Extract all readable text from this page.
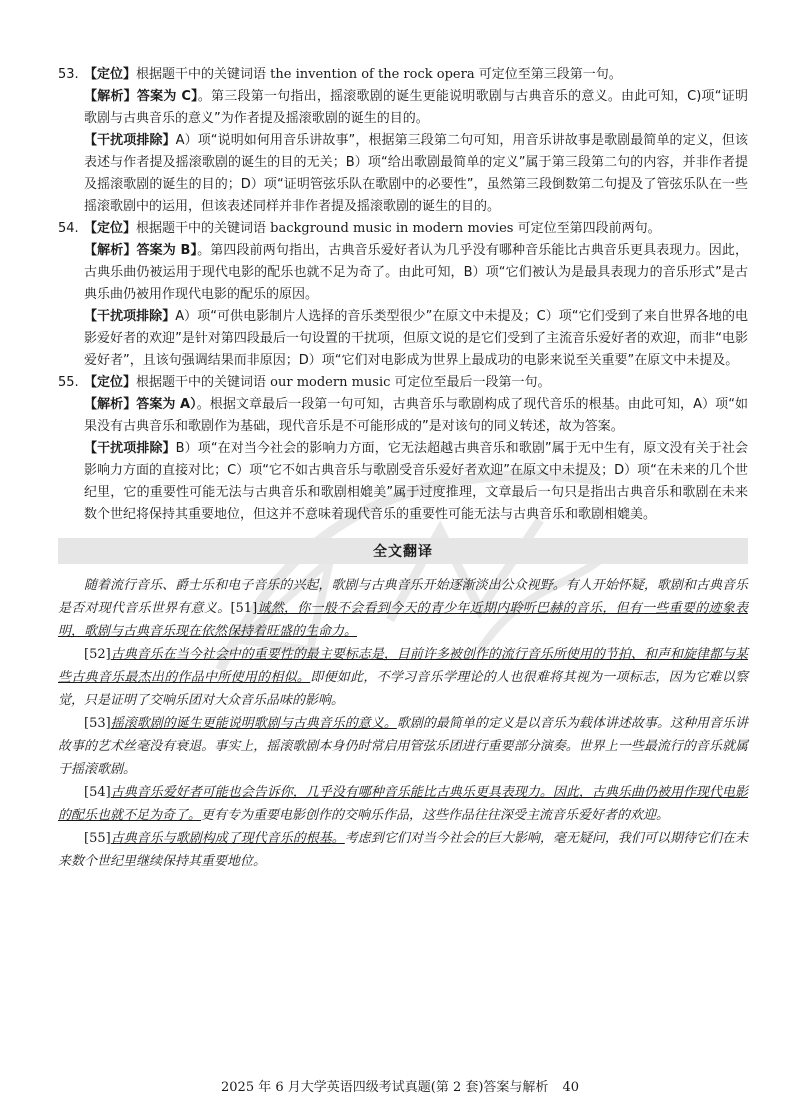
53. 【定位】根据题干中的关键词语 the invention of the rock opera 可定位至第三段第一句。

【解析】答案为 C】。第三段第一句指出，摇滚歌剧的诞生更能说明歌剧与古典音乐的意义。由此可知，C)项“证明歌剧与古典音乐的意义”为作者提及摇滚歌剧的诞生的目的。

【干扰项排除】A）项“说明如何用音乐讲故事”，根据第三段第二句可知，用音乐讲故事是歌剧最简单的定义，但该表述与作者提及摇滚歌剧的诞生的目的无关；B）项“给出歌剧最简单的定义”属于第三段第二句的内容，并非作者提及摇滚歌剧的诞生的目的；D）项“证明管弦乐队在歌剧中的必要性”，虽然第三段倒数第二句提及了管弦乐队在一些摇滚歌剧中的运用，但该表述同样并非作者提及摇滚歌剧的诞生的目的。

54. 【定位】根据题干中的关键词语 background music in modern movies 可定位至第四段前两句。

【解析】答案为 B】。第四段前两句指出，古典音乐爱好者认为几乎没有哪种音乐能比古典音乐更具表现力。因此，古典乐曲仍被运用于现代电影的配乐也就不足为奇了。由此可知，B）项“它们被认为是最具表现力的音乐形式”是古典乐曲仍被用作现代电影的配乐的原因。

【干扰项排除】A）项“可供电影制片人选择的音乐类型很少”在原文中未提及；C）项“它们受到了来自世界各地的电影爱好者的欢迎”是针对第四段最后一句设置的干扰项，但原文说的是它们受到了主流音乐爱好者的欢迎，而非“电影爱好者”，且该句强调结果而非原因；D）项“它们对电影成为世界上最成功的电影来说至关重要”在原文中未提及。

55. 【定位】根据题干中的关键词语 our modern music 可定位至最后一段第一句。

【解析】答案为 A）。根据文章最后一段第一句可知，古典音乐与歌剧构成了现代音乐的根基。由此可知，A）项“如果没有古典音乐和歌剧作为基础，现代音乐是不可能形成的”是对该句的同义转述，故为答案。

【干扰项排除】B）项“在对当今社会的影响力方面，它无法超越古典音乐和歌剧”属于无中生有，原文没有关于社会影响力方面的直接对比；C）项“它不如古典音乐与歌剧受音乐爱好者欢迎”在原文中未提及；D）项“在未来的几个世纪里，它的重要性可能无法与古典音乐和歌剧相媲美”属于过度推理，文章最后一句只是指出古典音乐和歌剧在未来数个世纪将保持其重要地位，但这并不意味着现代音乐的重要性可能无法与古典音乐和歌剧相媲美。

全文翻译

随着流行音乐、爵士乐和电子音乐的兴起，歌剧与古典音乐开始逐渐淡出公众视野。有人开始怀疑，歌剧和古典音乐是否对现代音乐世界有意义。[51]诚然，你一般不会看到今天的青少年近期内聆听巴赫的音乐，但有一些重要的迹象表明，歌剧与古典音乐现在依然保持着旺盛的生命力。

[52]古典音乐在当今社会中的重要性的最主要标志是，目前许多被创作的流行音乐所使用的节拍、和声和旋律都与某些古典音乐最杰出的作品中所使用的相似。即便如此，不学习音乐学理论的人也很难将其视为一项标志，因为它难以察觉，只是证明了交响乐团对大众音乐品味的影响。

[53]摇滚歌剧的诞生更能说明歌剧与古典音乐的意义。歌剧的最简单的定义是以音乐为载体讲述故事。这种用音乐讲故事的艺术丝毫没有衰退。事实上，摇滚歌剧本身仍时常启用管弦乐团进行重要部分演奏。世界上一些最流行的音乐就属于摇滚歌剧。

[54]古典音乐爱好者可能也会告诉你，几乎没有哪种音乐能比古典乐更具表现力。因此，古典乐曲仍被用作现代电影的配乐也就不足为奇了。更有专为重要电影创作的交响乐作品，这些作品往往深受主流音乐爱好者的欢迎。

[55]古典音乐与歌剧构成了现代音乐的根基。考虑到它们对当今社会的巨大影响，毫无疑问，我们可以期待它们在未来数个世纪里继续保持其重要地位。

2025 年 6 月大学英语四级考试真题(第 2 套)答案与解析 40
